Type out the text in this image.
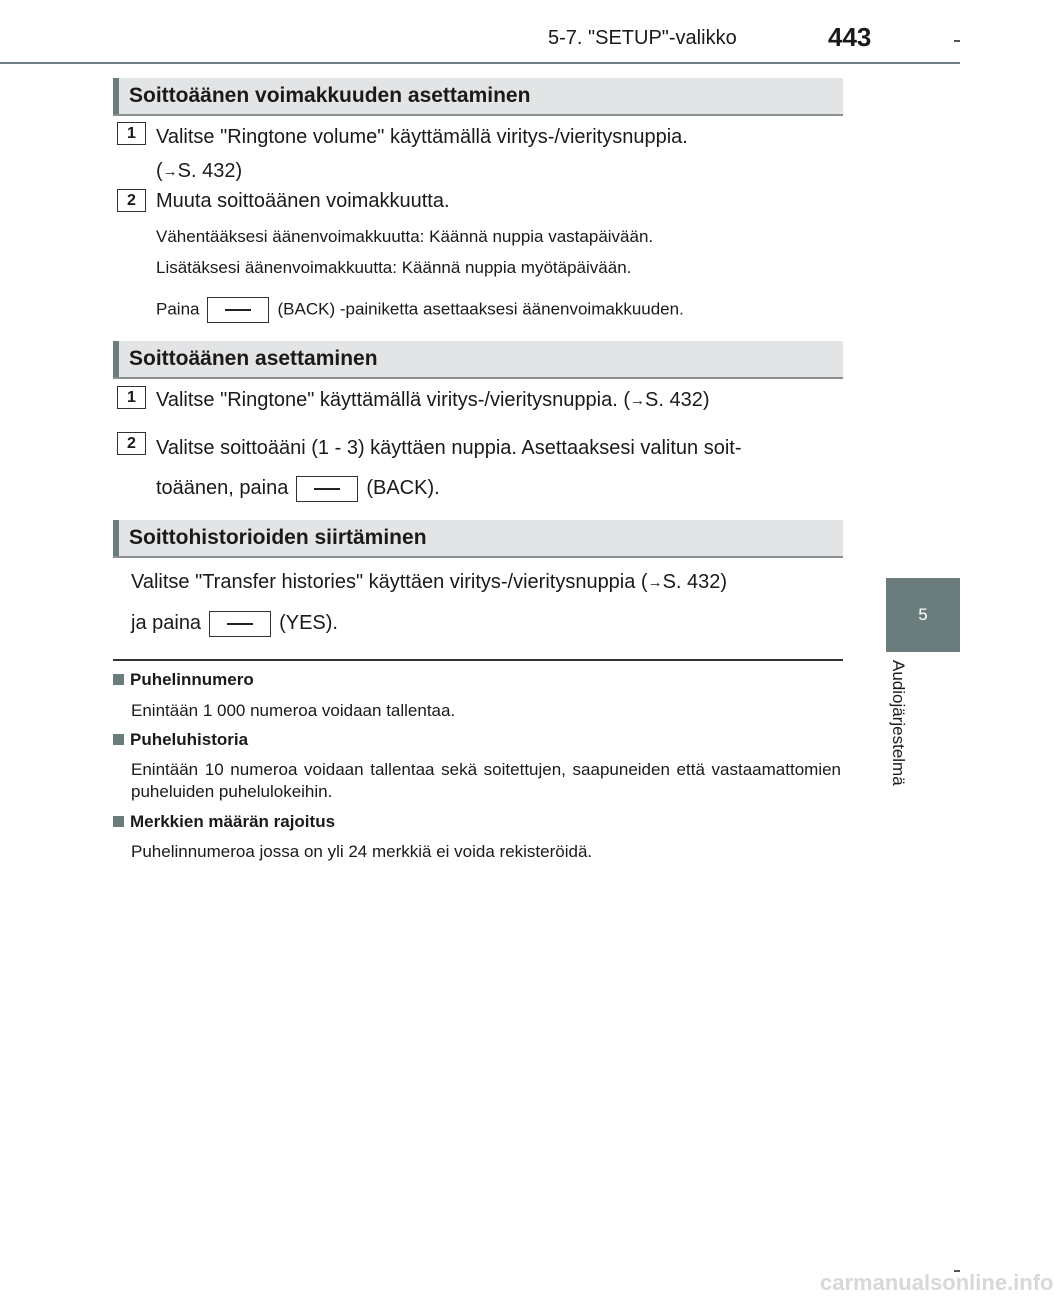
5-7. "SETUP"-valikko	443
5
Audiojärjestelmä
Soittoäänen voimakkuuden asettaminen
1	Valitse "Ringtone volume" käyttämällä viritys-/vieritysnuppia.
(→S. 432)
2	Muuta soittoäänen voimakkuutta.
Vähentääksesi äänenvoimakkuutta: Käännä nuppia vastapäivään.
Lisätäksesi äänenvoimakkuutta: Käännä nuppia myötäpäivään.
Paina	(BACK) -painiketta asettaaksesi äänenvoimakkuuden.
Soittoäänen asettaminen
1	Valitse "Ringtone" käyttämällä viritys-/vieritysnuppia. (→S. 432)
2	Valitse soittoääni (1 - 3) käyttäen nuppia. Asettaaksesi valitun soit-
toäänen, paina	(BACK).
Soittohistorioiden siirtäminen
Valitse "Transfer histories" käyttäen viritys-/vieritysnuppia (→S. 432)
ja paina	(YES).
Puhelinnumero
Enintään 1 000 numeroa voidaan tallentaa.
Puheluhistoria
Enintään 10 numeroa voidaan tallentaa sekä soitettujen, saapuneiden että vastaamattomien puheluiden puhelulokeihin.
Merkkien määrän rajoitus
Puhelinnumeroa jossa on yli 24 merkkiä ei voida rekisteröidä.
carmanualsonline.info
